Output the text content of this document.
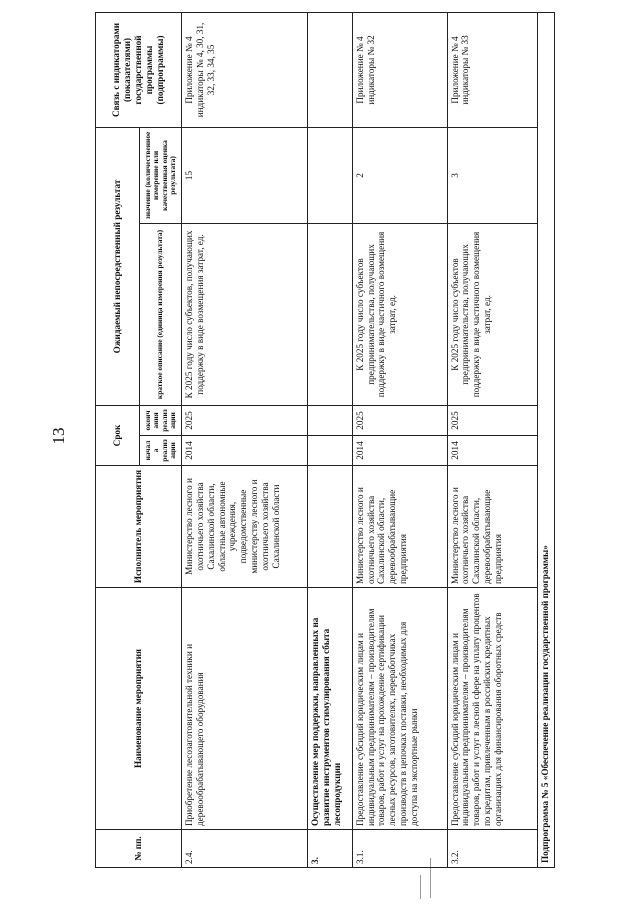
13
№ пп.	Наименование мероприятия	Исполнитель мероприятия	Срок		Ожидаемый непосредственный результат		Связь с индикаторами (показателями) государственной программы (подпрограммы)
			начала реализации	окончания реализации	краткое описание (единица измерения результата)	значение (количественное измерение или качественная оценка результата)	
2.4.	Приобретение лесозаготовительной техники и деревообрабатывающего оборудования	Министерство лесного и охотничьего хозяйства Сахалинской области, областные автономные учреждения, подведомственные министерству лесного и охотничьего хозяйства Сахалинской области	2014	2025	К 2025 году число субъектов, получающих поддержку в виде возмещения затрат, ед.	15	Приложение № 4 индикаторы № 4, 30, 31, 32, 33, 34, 35
3.	Осуществление мер поддержки, направленных на развитие инструментов стимулирования сбыта лесопродукции						
3.1.	Предоставление субсидий юридическим лицам и индивидуальным предпринимателям – производителям товаров, работ и услуг на прохождение сертификации лесных ресурсов, заготовителях, переработчиках производств в цепочках поставки, необходимых для доступа на экспортные рынки	Министерство лесного и охотничьего хозяйства Сахалинской области, деревообрабатывающие предприятия	2014	2025	К 2025 году число субъектов предпринимательства, получающих поддержку в виде частичного возмещения затрат, ед.	2	Приложение № 4 индикаторы № 32
3.2.	Предоставление субсидий юридическим лицам и индивидуальным предпринимателям – производителям товаров, работ и услуг в лесной сфере на уплату процентов по кредитам, привлеченным в российских кредитных организациях для финансирования оборотных средств	Министерство лесного и охотничьего хозяйства Сахалинской области, деревообрабатывающие предприятия	2014	2025	К 2025 году число субъектов предпринимательства, получающих поддержку в виде частичного возмещения затрат, ед.	3	Приложение № 4 индикаторы № 33
Подпрограмма № 5 «Обеспечение реализации государственной программы»							
